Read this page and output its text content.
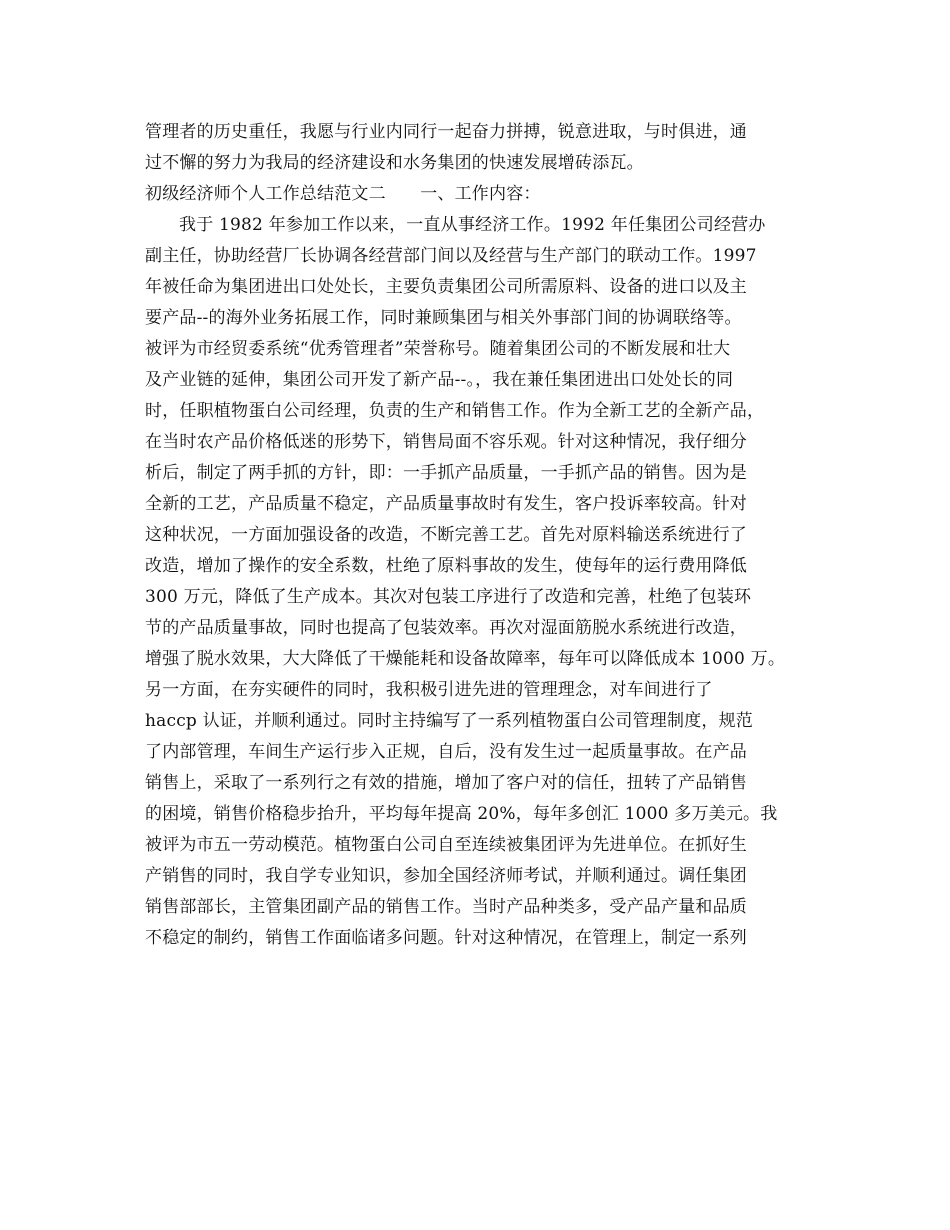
管理者的历史重任，我愿与行业内同行一起奋力拼搏，锐意进取，与时俱进，通
过不懈的努力为我局的经济建设和水务集团的快速发展增砖添瓦。
初级经济师个人工作总结范文二　　一、工作内容：
我于 1982 年参加工作以来，一直从事经济工作。1992 年任集团公司经营办
副主任，协助经营厂长协调各经营部门间以及经营与生产部门的联动工作。1997
年被任命为集团进出口处处长，主要负责集团公司所需原料、设备的进口以及主
要产品--的海外业务拓展工作，同时兼顾集团与相关外事部门间的协调联络等。
被评为市经贸委系统“优秀管理者”荣誉称号。随着集团公司的不断发展和壮大
及产业链的延伸，集团公司开发了新产品--。，我在兼任集团进出口处处长的同
时，任职植物蛋白公司经理，负责的生产和销售工作。作为全新工艺的全新产品，
在当时农产品价格低迷的形势下，销售局面不容乐观。针对这种情况，我仔细分
析后，制定了两手抓的方针，即：一手抓产品质量，一手抓产品的销售。因为是
全新的工艺，产品质量不稳定，产品质量事故时有发生，客户投诉率较高。针对
这种状况，一方面加强设备的改造，不断完善工艺。首先对原料输送系统进行了
改造，增加了操作的安全系数，杜绝了原料事故的发生，使每年的运行费用降低
300 万元，降低了生产成本。其次对包装工序进行了改造和完善，杜绝了包装环
节的产品质量事故，同时也提高了包装效率。再次对湿面筋脱水系统进行改造，
增强了脱水效果，大大降低了干燥能耗和设备故障率，每年可以降低成本 1000 万。
另一方面，在夯实硬件的同时，我积极引进先进的管理理念，对车间进行了
haccp 认证，并顺利通过。同时主持编写了一系列植物蛋白公司管理制度，规范
了内部管理，车间生产运行步入正规，自后，没有发生过一起质量事故。在产品
销售上，采取了一系列行之有效的措施，增加了客户对的信任，扭转了产品销售
的困境，销售价格稳步抬升，平均每年提高 20%，每年多创汇 1000 多万美元。我
被评为市五一劳动模范。植物蛋白公司自至连续被集团评为先进单位。在抓好生
产销售的同时，我自学专业知识，参加全国经济师考试，并顺利通过。调任集团
销售部部长，主管集团副产品的销售工作。当时产品种类多，受产品产量和品质
不稳定的制约，销售工作面临诸多问题。针对这种情况，在管理上，制定一系列
